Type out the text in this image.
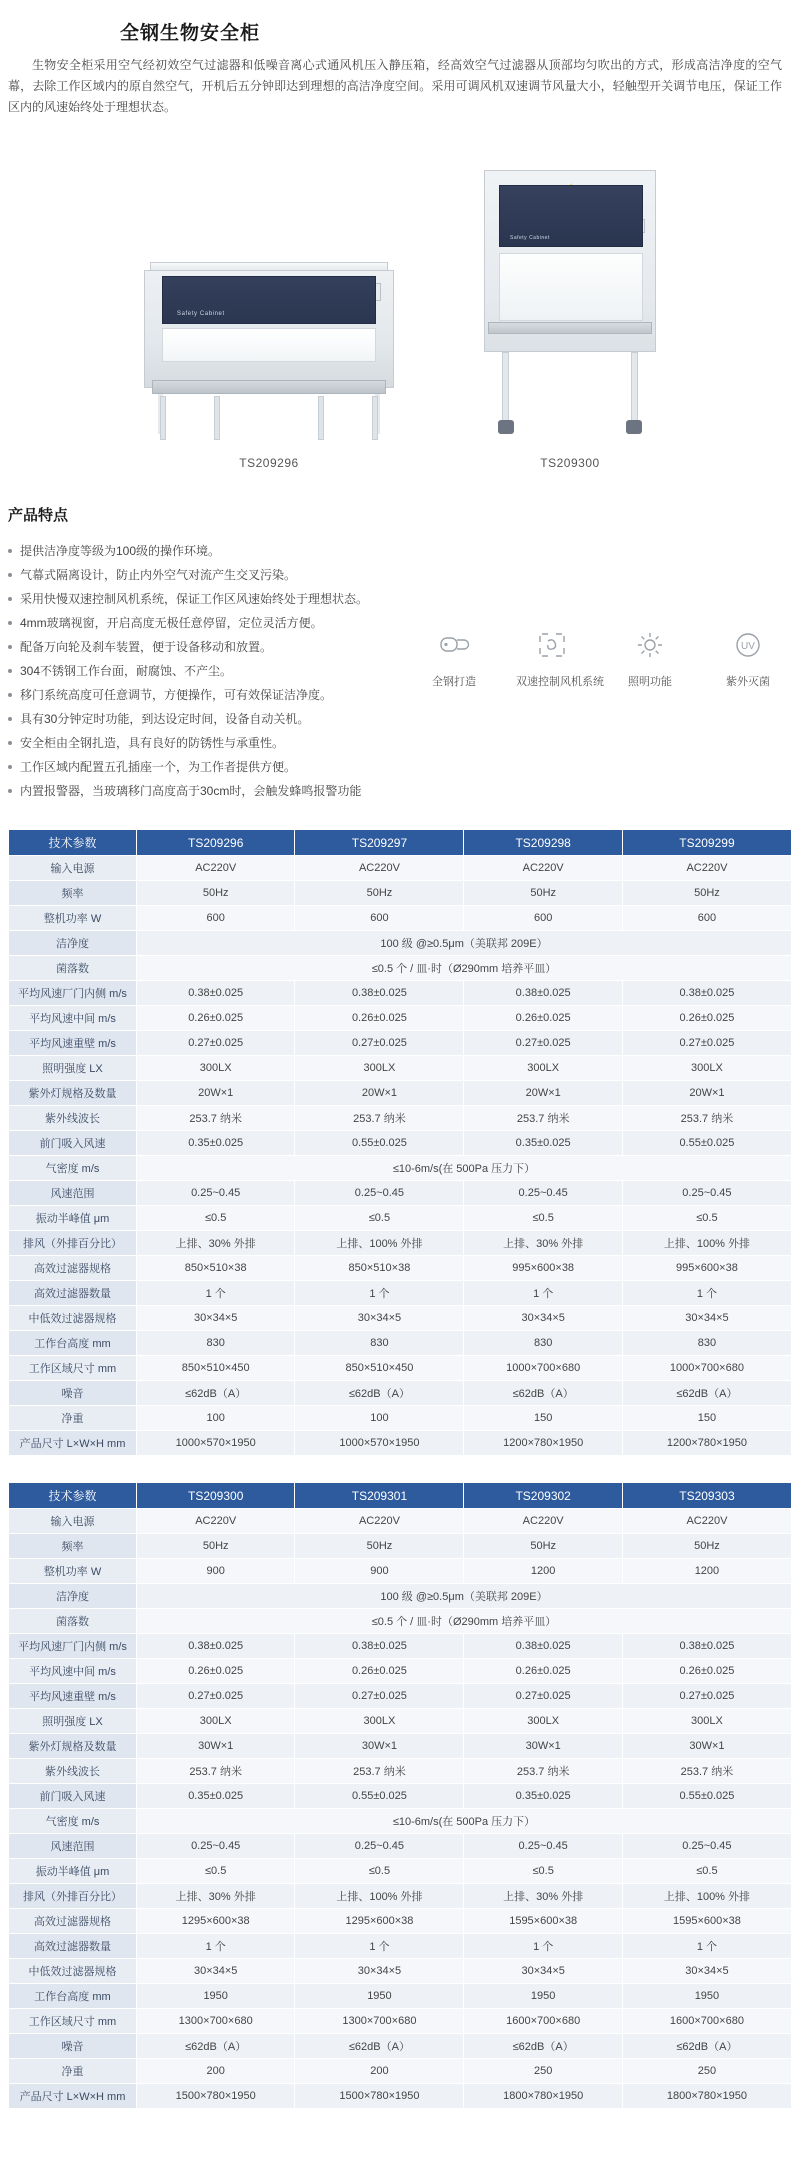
全钢生物安全柜

生物安全柜采用空气经初效空气过滤器和低噪音离心式通风机压入静压箱，经高效空气过滤器从顶部均匀吹出的方式，形成高洁净度的空气幕，去除工作区域内的原自然空气，开机后五分钟即达到理想的高洁净度空间。采用可调风机双速调节风量大小，轻触型开关调节电压，保证工作区内的风速始终处于理想状态。

Safety Cabinet
TS209296
Safety Cabinet
TS209300
产品特点
提供洁净度等级为100级的操作环境。
气幕式隔离设计，防止内外空气对流产生交叉污染。
采用快慢双速控制风机系统，保证工作区风速始终处于理想状态。
4mm玻璃视窗，开启高度无极任意停留，定位灵活方便。
配备万向轮及刹车装置，便于设备移动和放置。
304不锈钢工作台面，耐腐蚀、不产尘。
移门系统高度可任意调节，方便操作，可有效保证洁净度。
具有30分钟定时功能，到达设定时间，设备自动关机。
安全柜由全钢扎造，具有良好的防锈性与承重性。
工作区域内配置五孔插座一个，为工作者提供方便。
内置报警器，当玻璃移门高度高于30cm时，会触发蜂鸣报警功能
全钢打造	双速控制风机系统	照明功能
UV
紫外灭菌
技术参数	TS209296	TS209297	TS209298	TS209299
输入电源	AC220V	AC220V	AC220V	AC220V
频率	50Hz	50Hz	50Hz	50Hz
整机功率 W	600	600	600	600
洁净度	100 级 @≥0.5μm（美联邦 209E）			
菌落数	≤0.5 个 / 皿·时（Ø290mm 培养平皿）			
平均风速厂门内侧 m/s	0.38±0.025	0.38±0.025	0.38±0.025	0.38±0.025
平均风速中间 m/s	0.26±0.025	0.26±0.025	0.26±0.025	0.26±0.025
平均风速重壁 m/s	0.27±0.025	0.27±0.025	0.27±0.025	0.27±0.025
照明强度 LX	300LX	300LX	300LX	300LX
紫外灯规格及数量	20W×1	20W×1	20W×1	20W×1
紫外线波长	253.7 纳米	253.7 纳米	253.7 纳米	253.7 纳米
前门吸入风速	0.35±0.025	0.55±0.025	0.35±0.025	0.55±0.025
气密度 m/s	≤10-6m/s(在 500Pa 压力下）			
风速范围	0.25~0.45	0.25~0.45	0.25~0.45	0.25~0.45
振动半峰值 μm	≤0.5	≤0.5	≤0.5	≤0.5
排风（外排百分比）	上排、30% 外排	上排、100% 外排	上排、30% 外排	上排、100% 外排
高效过滤器规格	850×510×38	850×510×38	995×600×38	995×600×38
高效过滤器数量	1 个	1 个	1 个	1 个
中低效过滤器规格	30×34×5	30×34×5	30×34×5	30×34×5
工作台高度 mm	830	830	830	830
工作区域尺寸 mm	850×510×450	850×510×450	1000×700×680	1000×700×680
噪音	≤62dB（A）	≤62dB（A）	≤62dB（A）	≤62dB（A）
净重	100	100	150	150
产品尺寸 L×W×H mm	1000×570×1950	1000×570×1950	1200×780×1950	1200×780×1950
技术参数	TS209300	TS209301	TS209302	TS209303
输入电源	AC220V	AC220V	AC220V	AC220V
频率	50Hz	50Hz	50Hz	50Hz
整机功率 W	900	900	1200	1200
洁净度	100 级 @≥0.5μm（美联邦 209E）			
菌落数	≤0.5 个 / 皿·时（Ø290mm 培养平皿）			
平均风速厂门内侧 m/s	0.38±0.025	0.38±0.025	0.38±0.025	0.38±0.025
平均风速中间 m/s	0.26±0.025	0.26±0.025	0.26±0.025	0.26±0.025
平均风速重壁 m/s	0.27±0.025	0.27±0.025	0.27±0.025	0.27±0.025
照明强度 LX	300LX	300LX	300LX	300LX
紫外灯规格及数量	30W×1	30W×1	30W×1	30W×1
紫外线波长	253.7 纳米	253.7 纳米	253.7 纳米	253.7 纳米
前门吸入风速	0.35±0.025	0.55±0.025	0.35±0.025	0.55±0.025
气密度 m/s	≤10-6m/s(在 500Pa 压力下）			
风速范围	0.25~0.45	0.25~0.45	0.25~0.45	0.25~0.45
振动半峰值 μm	≤0.5	≤0.5	≤0.5	≤0.5
排风（外排百分比）	上排、30% 外排	上排、100% 外排	上排、30% 外排	上排、100% 外排
高效过滤器规格	1295×600×38	1295×600×38	1595×600×38	1595×600×38
高效过滤器数量	1 个	1 个	1 个	1 个
中低效过滤器规格	30×34×5	30×34×5	30×34×5	30×34×5
工作台高度 mm	1950	1950	1950	1950
工作区域尺寸 mm	1300×700×680	1300×700×680	1600×700×680	1600×700×680
噪音	≤62dB（A）	≤62dB（A）	≤62dB（A）	≤62dB（A）
净重	200	200	250	250
产品尺寸 L×W×H mm	1500×780×1950	1500×780×1950	1800×780×1950	1800×780×1950
